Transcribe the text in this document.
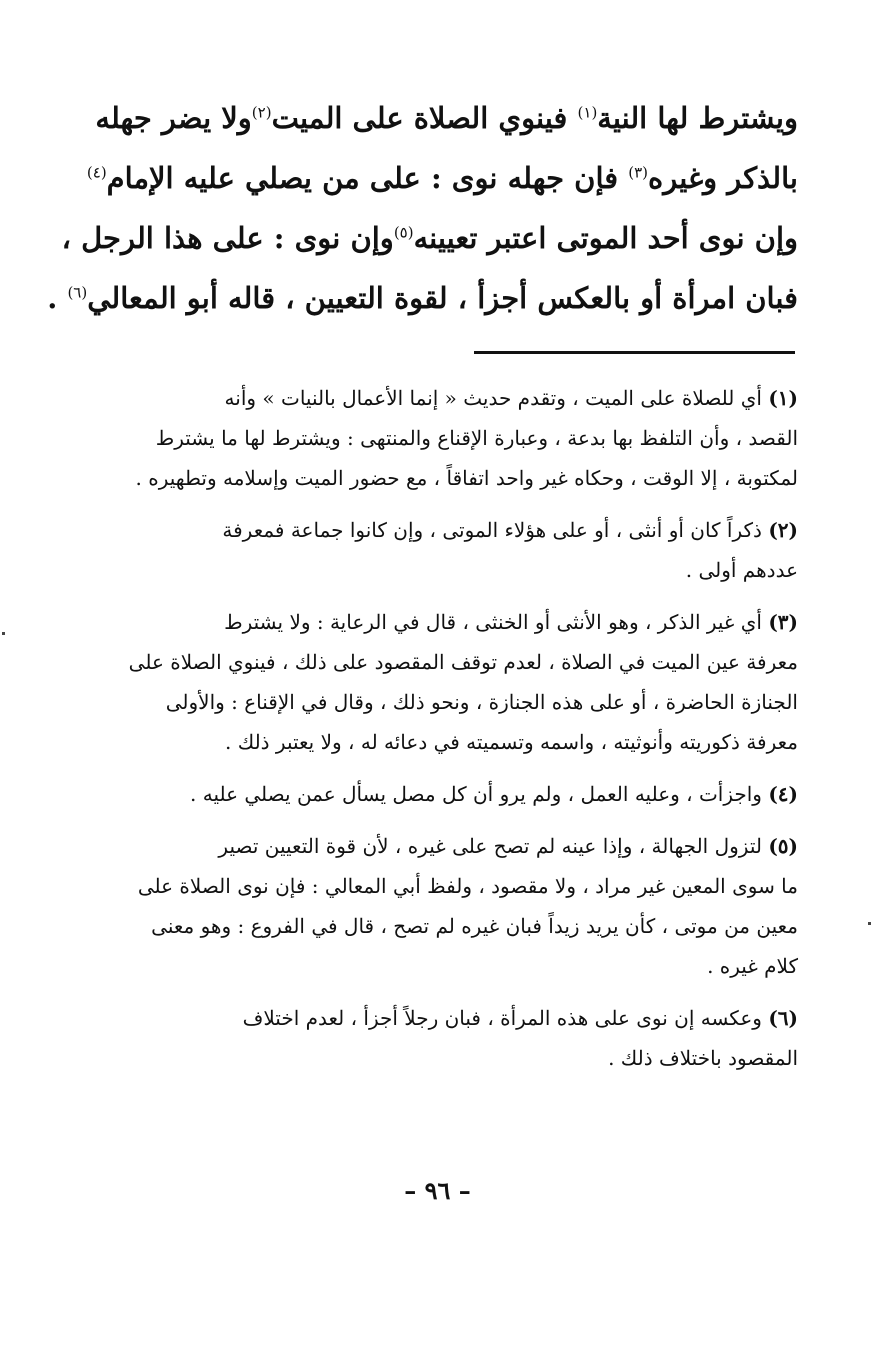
ويشترط لها النية$^{(١)}$ فينوي الصلاة على الميت$^{(٢)}$ولا يضر جهله
بالذكر وغيره$^{(٣)}$ فإن جهله نوى : على من يصلي عليه الإمام$^{(٤)}$
وإن نوى أحد الموتى اعتبر تعيينه$^{(٥)}$وإن نوى : على هذا الرجل ،
فبان امرأة أو بالعكس أجزأ ، لقوة التعيين ، قاله أبو المعالي$^{(٦)}$ .
(١) أي للصلاة على الميت ، وتقدم حديث « إنما الأعمال بالنيات » وأنه
القصد ، وأن التلفظ بها بدعة ، وعبارة الإقناع والمنتهى : ويشترط لها ما يشترط
لمكتوبة ، إلا الوقت ، وحكاه غير واحد اتفاقاً ، مع حضور الميت وإسلامه وتطهيره .
(٢) ذكراً كان أو أنثى ، أو على هؤلاء الموتى ، وإن كانوا جماعة فمعرفة
عددهم أولى .
(٣) أي غير الذكر ، وهو الأنثى أو الخنثى ، قال في الرعاية : ولا يشترط
معرفة عين الميت في الصلاة ، لعدم توقف المقصود على ذلك ، فينوي الصلاة على
الجنازة الحاضرة ، أو على هذه الجنازة ، ونحو ذلك ، وقال في الإقناع : والأولى
معرفة ذكوريته وأنوثيته ، واسمه وتسميته في دعائه له ، ولا يعتبر ذلك .
(٤) واجزأت ، وعليه العمل ، ولم يرو أن كل مصل يسأل عمن يصلي عليه .
(٥) لتزول الجهالة ، وإذا عينه لم تصح على غيره ، لأن قوة التعيين تصير
ما سوى المعين غير مراد ، ولا مقصود ، ولفظ أبي المعالي : فإن نوى الصلاة على
معين من موتى ، كأن يريد زيداً فبان غيره لم تصح ، قال في الفروع : وهو معنى
كلام غيره .
(٦) وعكسه إن نوى على هذه المرأة ، فبان رجلاً أجزأ ، لعدم اختلاف
المقصود باختلاف ذلك .
– ٩٦ –
